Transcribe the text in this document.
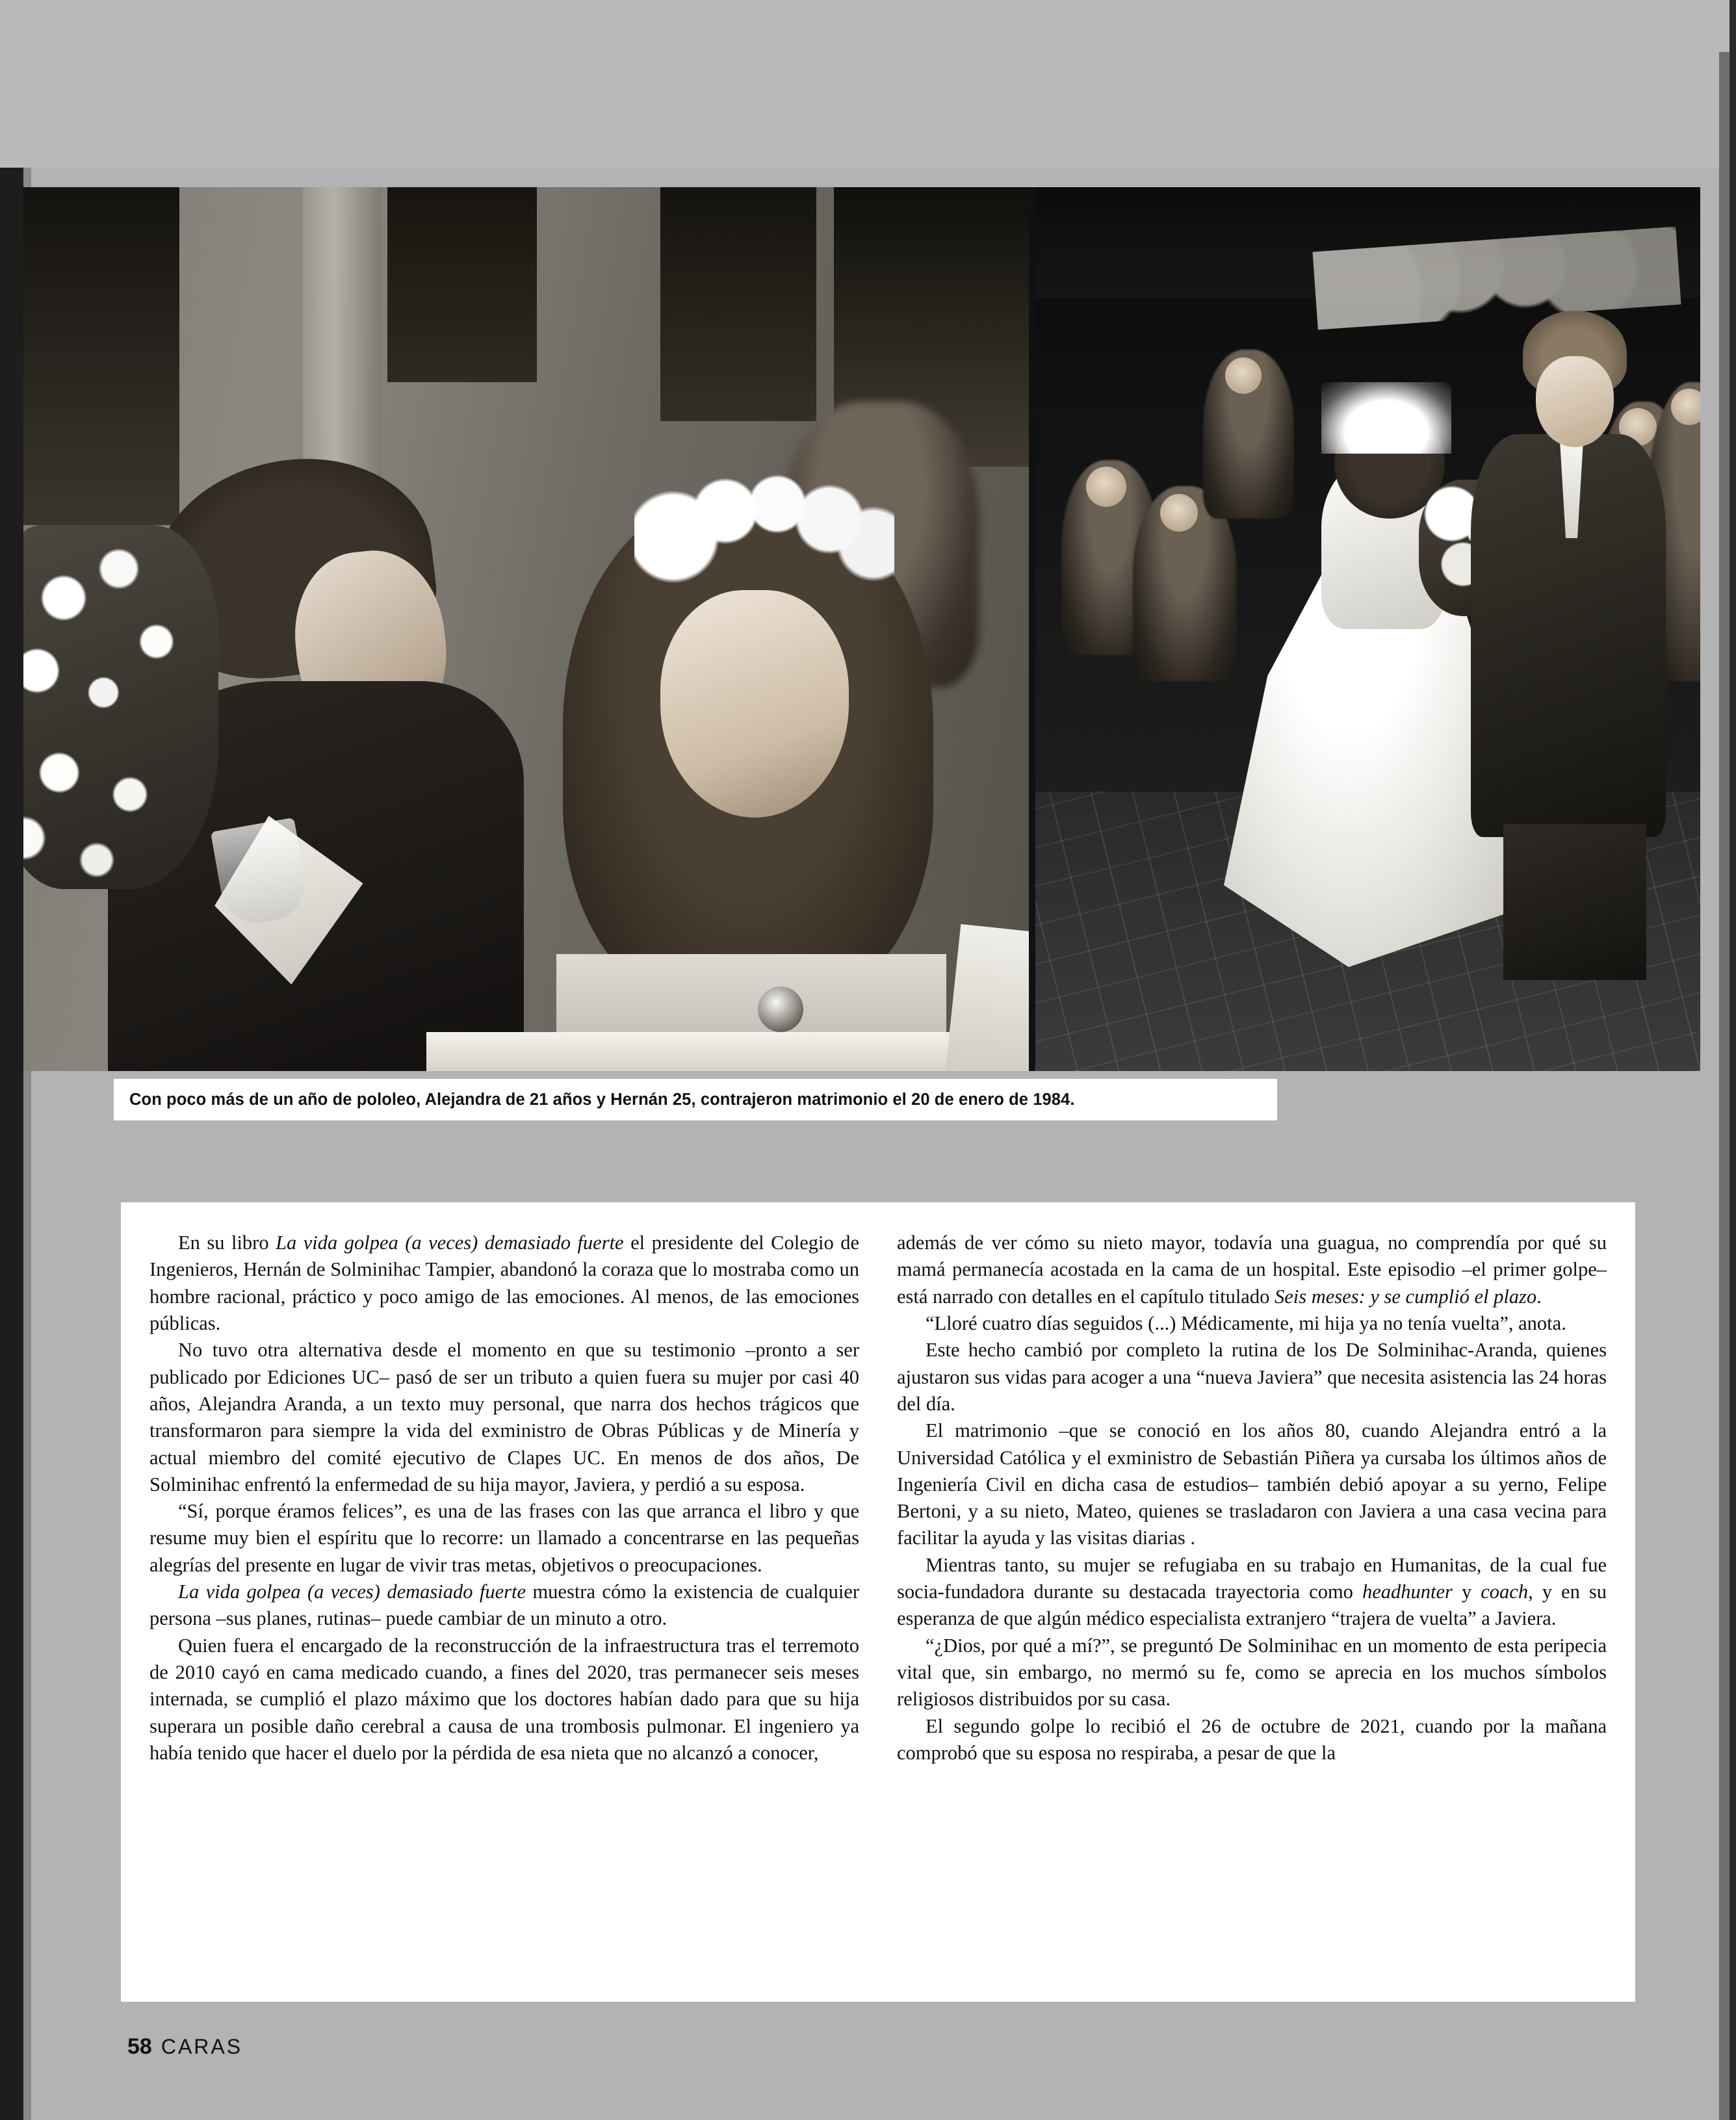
Con poco más de un año de pololeo, Alejandra de 21 años y Hernán 25, contrajeron matrimonio el 20 de enero de 1984.

En su libro La vida golpea (a veces) demasiado fuerte el presidente del Colegio de Ingenieros, Hernán de Solminihac Tampier, abandonó la coraza que lo mostraba como un hombre racional, práctico y poco amigo de las emociones. Al menos, de las emociones públicas.

No tuvo otra alternativa desde el momento en que su testimonio –pronto a ser publicado por Ediciones UC– pasó de ser un tributo a quien fuera su mujer por casi 40 años, Alejandra Aranda, a un texto muy personal, que narra dos hechos trágicos que transformaron para siempre la vida del exministro de Obras Públicas y de Minería y actual miembro del comité ejecutivo de Clapes UC. En menos de dos años, De Solminihac enfrentó la enfermedad de su hija mayor, Javiera, y perdió a su esposa.

“Sí, porque éramos felices”, es una de las frases con las que arranca el libro y que resume muy bien el espíritu que lo recorre: un llamado a concentrarse en las pequeñas alegrías del presente en lugar de vivir tras metas, objetivos o preocupaciones.

La vida golpea (a veces) demasiado fuerte muestra cómo la existencia de cualquier persona –sus planes, rutinas– puede cambiar de un minuto a otro.

Quien fuera el encargado de la reconstrucción de la infraestructura tras el terremoto de 2010 cayó en cama medicado cuando, a fines del 2020, tras permanecer seis meses internada, se cumplió el plazo máximo que los doctores habían dado para que su hija superara un posible daño cerebral a causa de una trombosis pulmonar. El ingeniero ya había tenido que hacer el duelo por la pérdida de esa nieta que no alcanzó a conocer,

además de ver cómo su nieto mayor, todavía una guagua, no comprendía por qué su mamá permanecía acostada en la cama de un hospital. Este episodio –el primer golpe– está narrado con detalles en el capítulo titulado Seis meses: y se cumplió el plazo.

“Lloré cuatro días seguidos (...) Médicamente, mi hija ya no tenía vuelta”, anota.

Este hecho cambió por completo la rutina de los De Solminihac-Aranda, quienes ajustaron sus vidas para acoger a una “nueva Javiera” que necesita asistencia las 24 horas del día.

El matrimonio –que se conoció en los años 80, cuando Alejandra entró a la Universidad Católica y el exministro de Sebastián Piñera ya cursaba los últimos años de Ingeniería Civil en dicha casa de estudios– también debió apoyar a su yerno, Felipe Bertoni, y a su nieto, Mateo, quienes se trasladaron con Javiera a una casa vecina para facilitar la ayuda y las visitas diarias .

Mientras tanto, su mujer se refugiaba en su trabajo en Humanitas, de la cual fue socia-fundadora durante su destacada trayectoria como headhunter y coach, y en su esperanza de que algún médico especialista extranjero “trajera de vuelta” a Javiera.

“¿Dios, por qué a mí?”, se preguntó De Solminihac en un momento de esta peripecia vital que, sin embargo, no mermó su fe, como se aprecia en los muchos símbolos religiosos distribuidos por su casa.

El segundo golpe lo recibió el 26 de octubre de 2021, cuando por la mañana comprobó que su esposa no respiraba, a pesar de que la

58 CARAS
